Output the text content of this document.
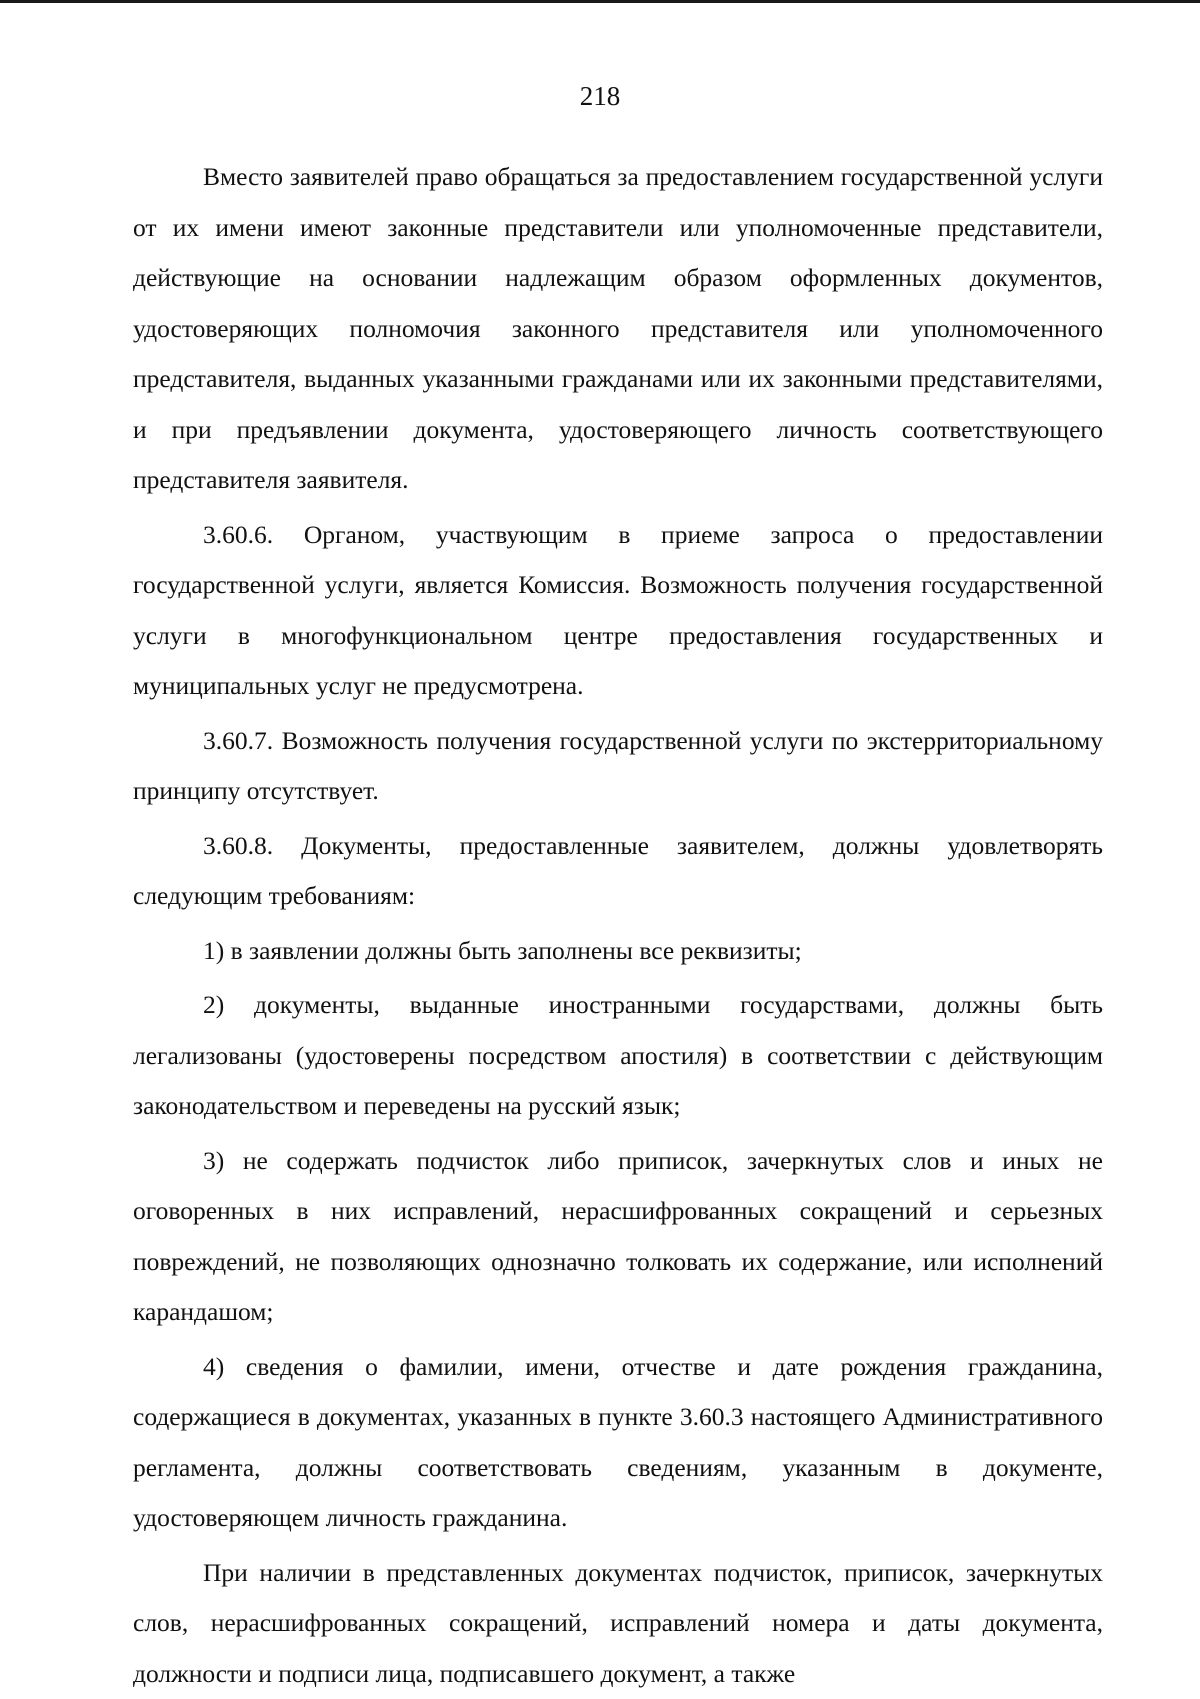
218

Вместо заявителей право обращаться за предоставлением государственной услуги от их имени имеют законные представители или уполномоченные представители, действующие на основании надлежащим образом оформленных документов, удостоверяющих полномочия законного представителя или уполномоченного представителя, выданных указанными гражданами или их законными представителями, и при предъявлении документа, удостоверяющего личность соответствующего представителя заявителя.

3.60.6. Органом, участвующим в приеме запроса о предоставлении государственной услуги, является Комиссия. Возможность получения государственной услуги в многофункциональном центре предоставления государственных и муниципальных услуг не предусмотрена.

3.60.7. Возможность получения государственной услуги по экстерриториальному принципу отсутствует.

3.60.8. Документы, предоставленные заявителем, должны удовлетворять следующим требованиям:

1) в заявлении должны быть заполнены все реквизиты;

2) документы, выданные иностранными государствами, должны быть легализованы (удостоверены посредством апостиля) в соответствии с действующим законодательством и переведены на русский язык;

3) не содержать подчисток либо приписок, зачеркнутых слов и иных не оговоренных в них исправлений, нерасшифрованных сокращений и серьезных повреждений, не позволяющих однозначно толковать их содержание, или исполнений карандашом;

4) сведения о фамилии, имени, отчестве и дате рождения гражданина, содержащиеся в документах, указанных в пункте 3.60.3 настоящего Административного регламента, должны соответствовать сведениям, указанным в документе, удостоверяющем личность гражданина.

При наличии в представленных документах подчисток, приписок, зачеркнутых слов, нерасшифрованных сокращений, исправлений номера и даты документа, должности и подписи лица, подписавшего документ, а также
